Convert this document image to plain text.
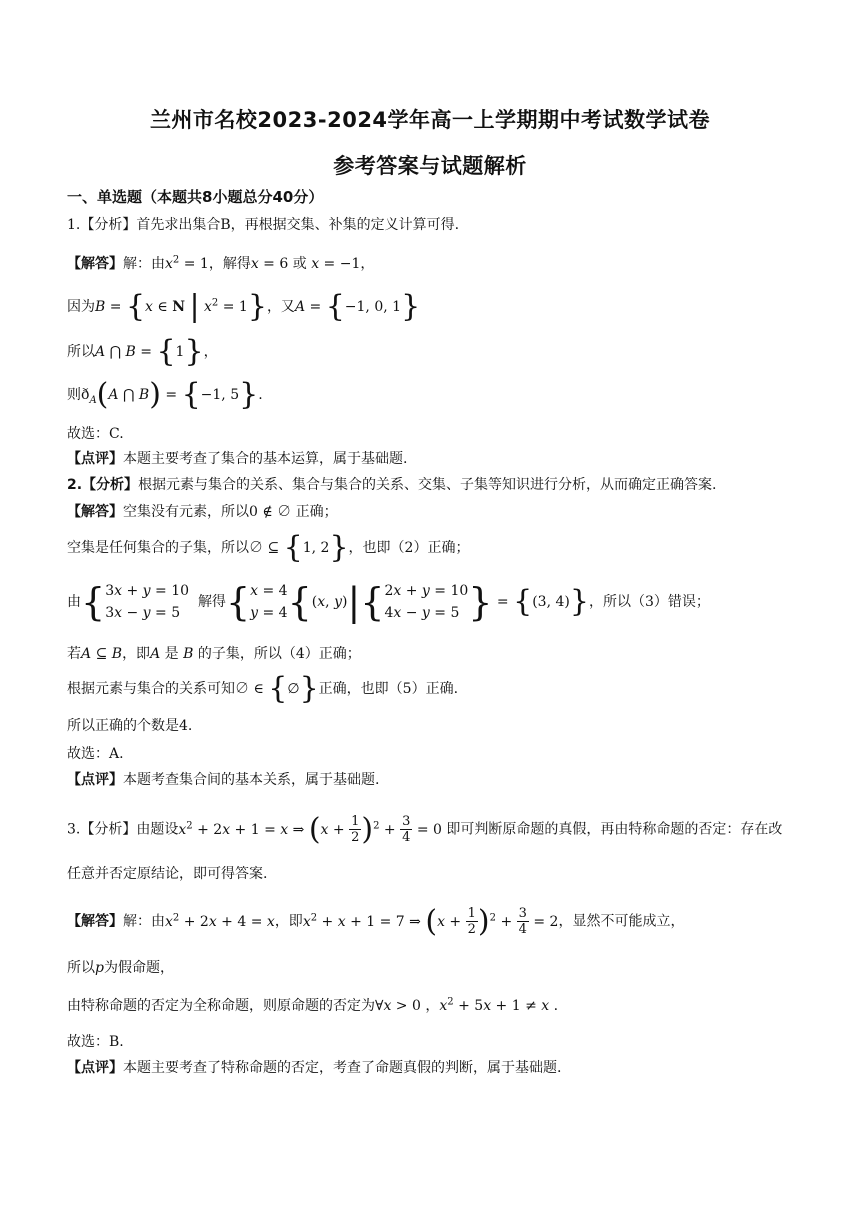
兰州市名校2023-2024学年高一上学期期中考试数学试卷
参考答案与试题解析
一、单选题（本题共8小题总分40分）
1.【分析】首先求出集合B，再根据交集、补集的定义计算可得.
【解答】解：由$x^2 = 1$，解得x = 6 或 x = −1，
因为B = {x ∈ N | $x^2 = 1$}，又A = {−1, 0, 1}
所以A ⋂ B = {1}，
则$ð_A(A$ ⋂ B) = {−1, 5}.
故选：C.
【点评】本题主要考查了集合的基本运算，属于基础题.
2.【分析】根据元素与集合的关系、集合与集合的关系、交集、子集等知识进行分析，从而确定正确答案.
【解答】空集没有元素，所以0 ∉ ∅ 正确；
空集是任何集合的子集，所以∅ ⊆ {1, 2}，也即（2）正确；
由{ 3x + y = 10
3x − y = 5
解得{ x = 4
y = 4 {(x, y)|{ 2x + y = 10
4x − y = 5 } = {(3, 4)}，所以（3）错误；
若A ⊆ B，即A 是 B 的子集，所以（4）正确；
根据元素与集合的关系可知∅ ∈ {∅}正确，也即（5）正确.
所以正确的个数是4.
故选：A.
【点评】本题考查集合间的基本关系，属于基础题.
3.【分析】由题设$x^2 + 2x + 1 = x$ ⇒ $(x + \frac{1}{2} )^2 + \frac{3}{4} = 0$ 即可判断原命题的真假，再由特称命题的否定：存在改
任意并否定原结论，即可得答案.
【解答】解：由$x^2 + 2x + 4 = x$，即$x^2 + x + 1 = 7$ ⇒ $(x + \frac{1}{2} )^2 + \frac{3}{4} = 2$，显然不可能成立，
所以p为假命题，
由特称命题的否定为全称命题，则原命题的否定为∀x > 0 ，$x^2 + 5x + 1 \ne x$ .
故选：B.
【点评】本题主要考查了特称命题的否定，考查了命题真假的判断，属于基础题.
